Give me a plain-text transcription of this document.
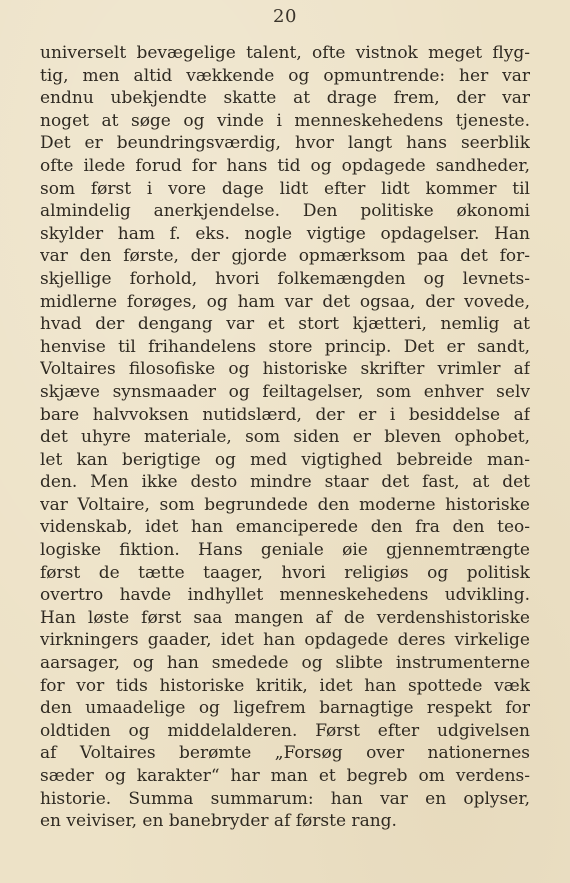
20
universelt bevægelige talent, ofte vistnok meget flyg-
tig, men altid vækkende og opmuntrende: her var
endnu ubekjendte skatte at drage frem, der var
noget at søge og vinde i menneskehedens tjeneste.
Det er beundringsværdig, hvor langt hans seerblik
ofte ilede forud for hans tid og opdagede sandheder,
som først i vore dage lidt efter lidt kommer til
almindelig anerkjendelse. Den politiske økonomi
skylder ham f. eks. nogle vigtige opdagelser. Han
var den første, der gjorde opmærksom paa det for-
skjellige forhold, hvori folkemængden og levnets-
midlerne forøges, og ham var det ogsaa, der vovede,
hvad der dengang var et stort kjætteri, nemlig at
henvise til frihandelens store princip. Det er sandt,
Voltaires filosofiske og historiske skrifter vrimler af
skjæve synsmaader og feiltagelser, som enhver selv
bare halvvoksen nutidslærd, der er i besiddelse af
det uhyre materiale, som siden er bleven ophobet,
let kan berigtige og med vigtighed bebreide man-
den. Men ikke desto mindre staar det fast, at det
var Voltaire, som begrundede den moderne historiske
videnskab, idet han emanciperede den fra den teo-
logiske fiktion. Hans geniale øie gjennemtrængte
først de tætte taager, hvori religiøs og politisk
overtro havde indhyllet menneskehedens udvikling.
Han løste først saa mangen af de verdenshistoriske
virkningers gaader, idet han opdagede deres virkelige
aarsager, og han smedede og slibte instrumenterne
for vor tids historiske kritik, idet han spottede væk
den umaadelige og ligefrem barnagtige respekt for
oldtiden og middelalderen. Først efter udgivelsen
af Voltaires berømte „Forsøg over nationernes
sæder og karakter“ har man et begreb om verdens-
historie. Summa summarum: han var en oplyser,
en veiviser, en banebryder af første rang.
